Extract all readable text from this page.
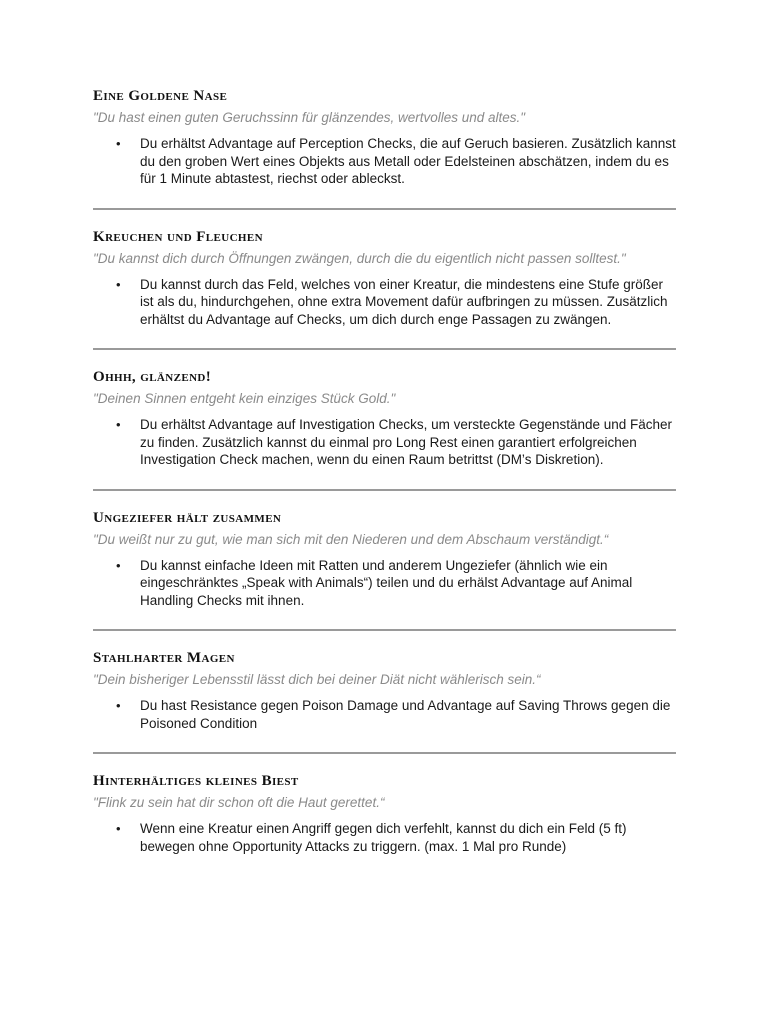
Eine Goldene Nase

"Du hast einen guten Geruchssinn für glänzendes, wertvolles und altes."

• Du erhältst Advantage auf Perception Checks, die auf Geruch basieren. Zusätzlich kannst du den groben Wert eines Objekts aus Metall oder Edelsteinen abschätzen, indem du es für 1 Minute abtastest, riechst oder ableckst.
Kreuchen und Fleuchen

"Du kannst dich durch Öffnungen zwängen, durch die du eigentlich nicht passen solltest."

• Du kannst durch das Feld, welches von einer Kreatur, die mindestens eine Stufe größer ist als du, hindurchgehen, ohne extra Movement dafür aufbringen zu müssen. Zusätzlich erhältst du Advantage auf Checks, um dich durch enge Passagen zu zwängen.
Ohhh, glänzend!

"Deinen Sinnen entgeht kein einziges Stück Gold."

• Du erhältst Advantage auf Investigation Checks, um versteckte Gegenstände und Fächer zu finden. Zusätzlich kannst du einmal pro Long Rest einen garantiert erfolgreichen Investigation Check machen, wenn du einen Raum betrittst (DM’s Diskretion).
Ungeziefer hält zusammen

"Du weißt nur zu gut, wie man sich mit den Niederen und dem Abschaum verständigt.“

• Du kannst einfache Ideen mit Ratten und anderem Ungeziefer (ähnlich wie ein eingeschränktes „Speak with Animals“) teilen und du erhälst Advantage auf Animal Handling Checks mit ihnen.
Stahlharter Magen

"Dein bisheriger Lebensstil lässt dich bei deiner Diät nicht wählerisch sein.“

• Du hast Resistance gegen Poison Damage und Advantage auf Saving Throws gegen die Poisoned Condition
Hinterhältiges kleines Biest

"Flink zu sein hat dir schon oft die Haut gerettet.“

• Wenn eine Kreatur einen Angriff gegen dich verfehlt, kannst du dich ein Feld (5 ft) bewegen ohne Opportunity Attacks zu triggern. (max. 1 Mal pro Runde)
